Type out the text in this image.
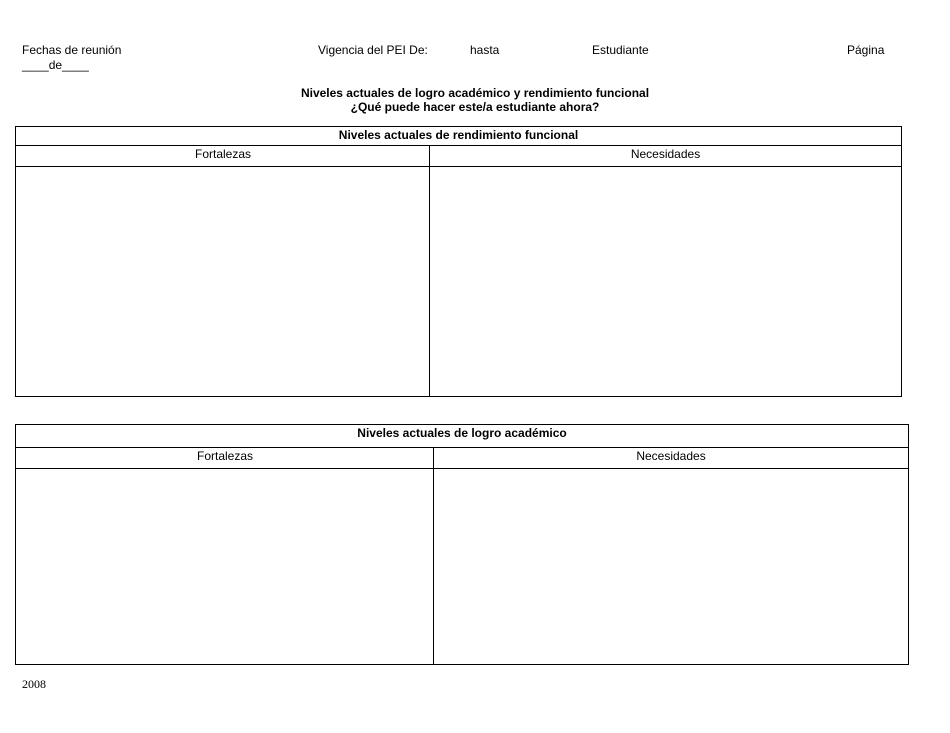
Fechas de reunión
____de____
Vigencia del PEI De:	hasta	Estudiante	Página
Niveles actuales de logro académico y rendimiento funcional
¿Qué puede hacer este/a estudiante ahora?
Niveles actuales de rendimiento funcional
Fortalezas	Necesidades
Niveles actuales de logro académico
Fortalezas	Necesidades
2008
